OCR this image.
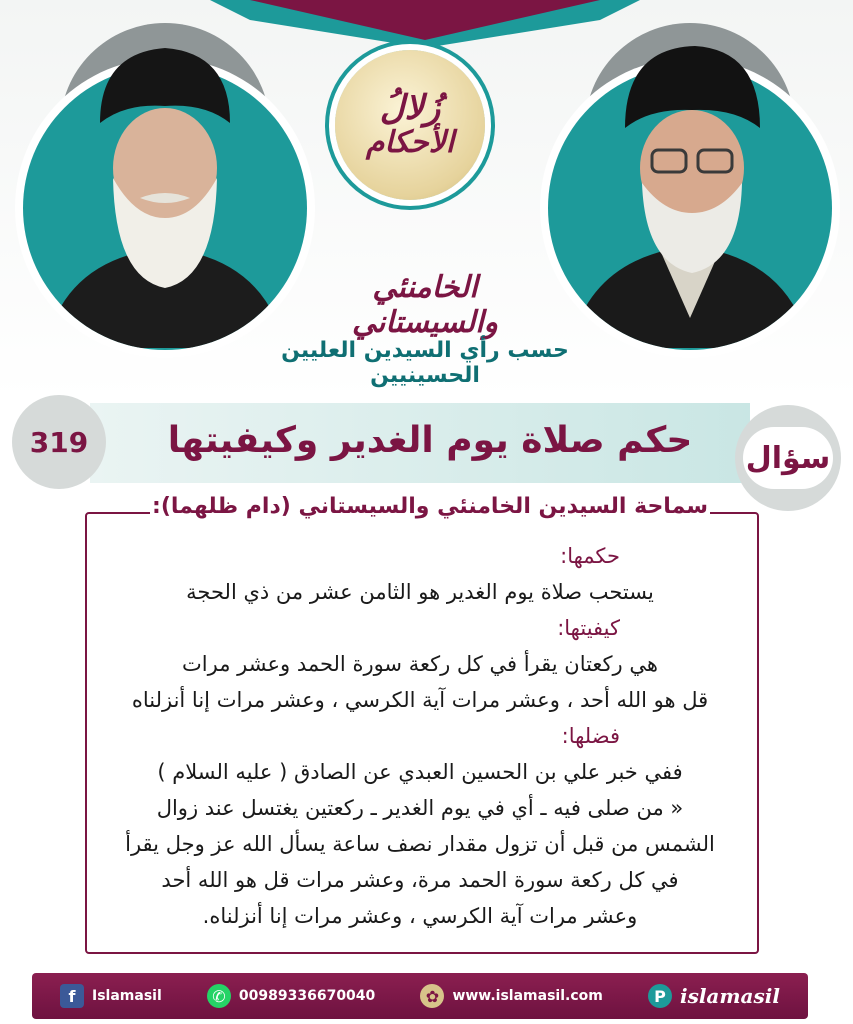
زُلالُ
الأحكام
الخامنئي والسيستاني
حسب رأي السيدين العليين الحسينيين
حكم صلاة يوم الغدير وكيفيتها
319	سؤال
سماحة السيدين الخامنئي والسيستاني (دام ظلهما):
حكمها:
يستحب صلاة يوم الغدير هو الثامن عشر من ذي الحجة
كيفيتها:
هي ركعتان يقرأ في كل ركعة سورة الحمد وعشر مرات
قل هو الله أحد ، وعشر مرات آية الكرسي ، وعشر مرات إنا أنزلناه
فضلها:
ففي خبر علي بن الحسين العبدي عن الصادق ( عليه السلام )
« من صلى فيه ـ أي في يوم الغدير ـ ركعتين يغتسل عند زوال
الشمس من قبل أن تزول مقدار نصف ساعة يسأل الله عز وجل يقرأ
في كل ركعة سورة الحمد مرة، وعشر مرات قل هو الله أحد
وعشر مرات آية الكرسي ، وعشر مرات إنا أنزلناه.
f	Islamasil	✆ 00989336670040	✿ www.islamasil.com	P islamasil
